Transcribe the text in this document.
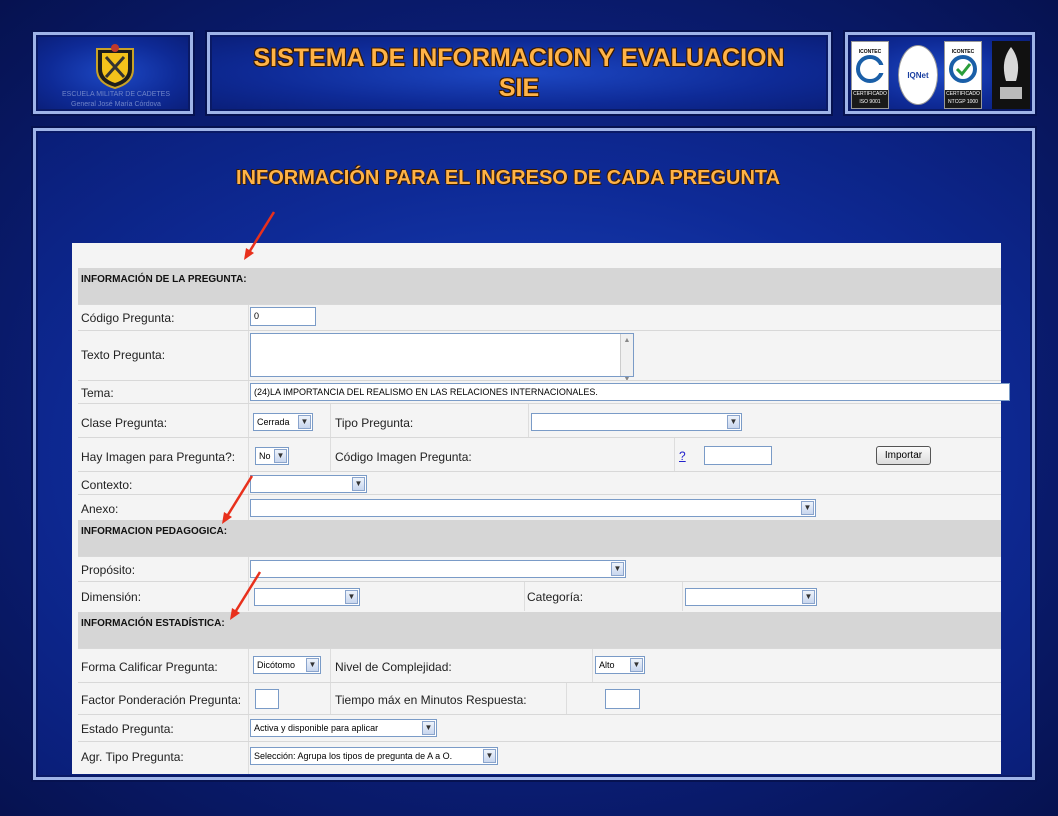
ESCUELA MILITAR DE CADETES
General José María Córdova
SISTEMA DE INFORMACION Y EVALUACION
SIE
ICONTEC
CERTIFICADO ISO 9001
IQNet
ICONTEC
CERTIFICADO NTCGP 1000
INFORMACIÓN PARA EL INGRESO DE CADA PREGUNTA
INFORMACIÓN DE LA PREGUNTA:
Código Pregunta:	0
Texto Pregunta:
▲

▼
Tema:	(24)LA IMPORTANCIA DEL REALISMO EN LAS RELACIONES INTERNACIONALES.
Clase Pregunta:	Cerrada	▼ Tipo Pregunta:	▼
Hay Imagen para Pregunta?:	No ▼	Código Imagen Pregunta:	?	Importar
Contexto:	▼
Anexo:	▼
INFORMACION PEDAGOGICA:
Propósito:	▼
Dimensión:	▼	Categoría:	▼
INFORMACIÓN ESTADÍSTICA:
Forma Calificar Pregunta:	Dicótomo	▼ Nivel de Complejidad:	Alto	▼
Factor Ponderación Pregunta:	Tiempo máx en Minutos Respuesta:
Estado Pregunta:	Activa y disponible para aplicar	▼
Agr. Tipo Pregunta:	Selección: Agrupa los tipos de pregunta de A a O.	▼
